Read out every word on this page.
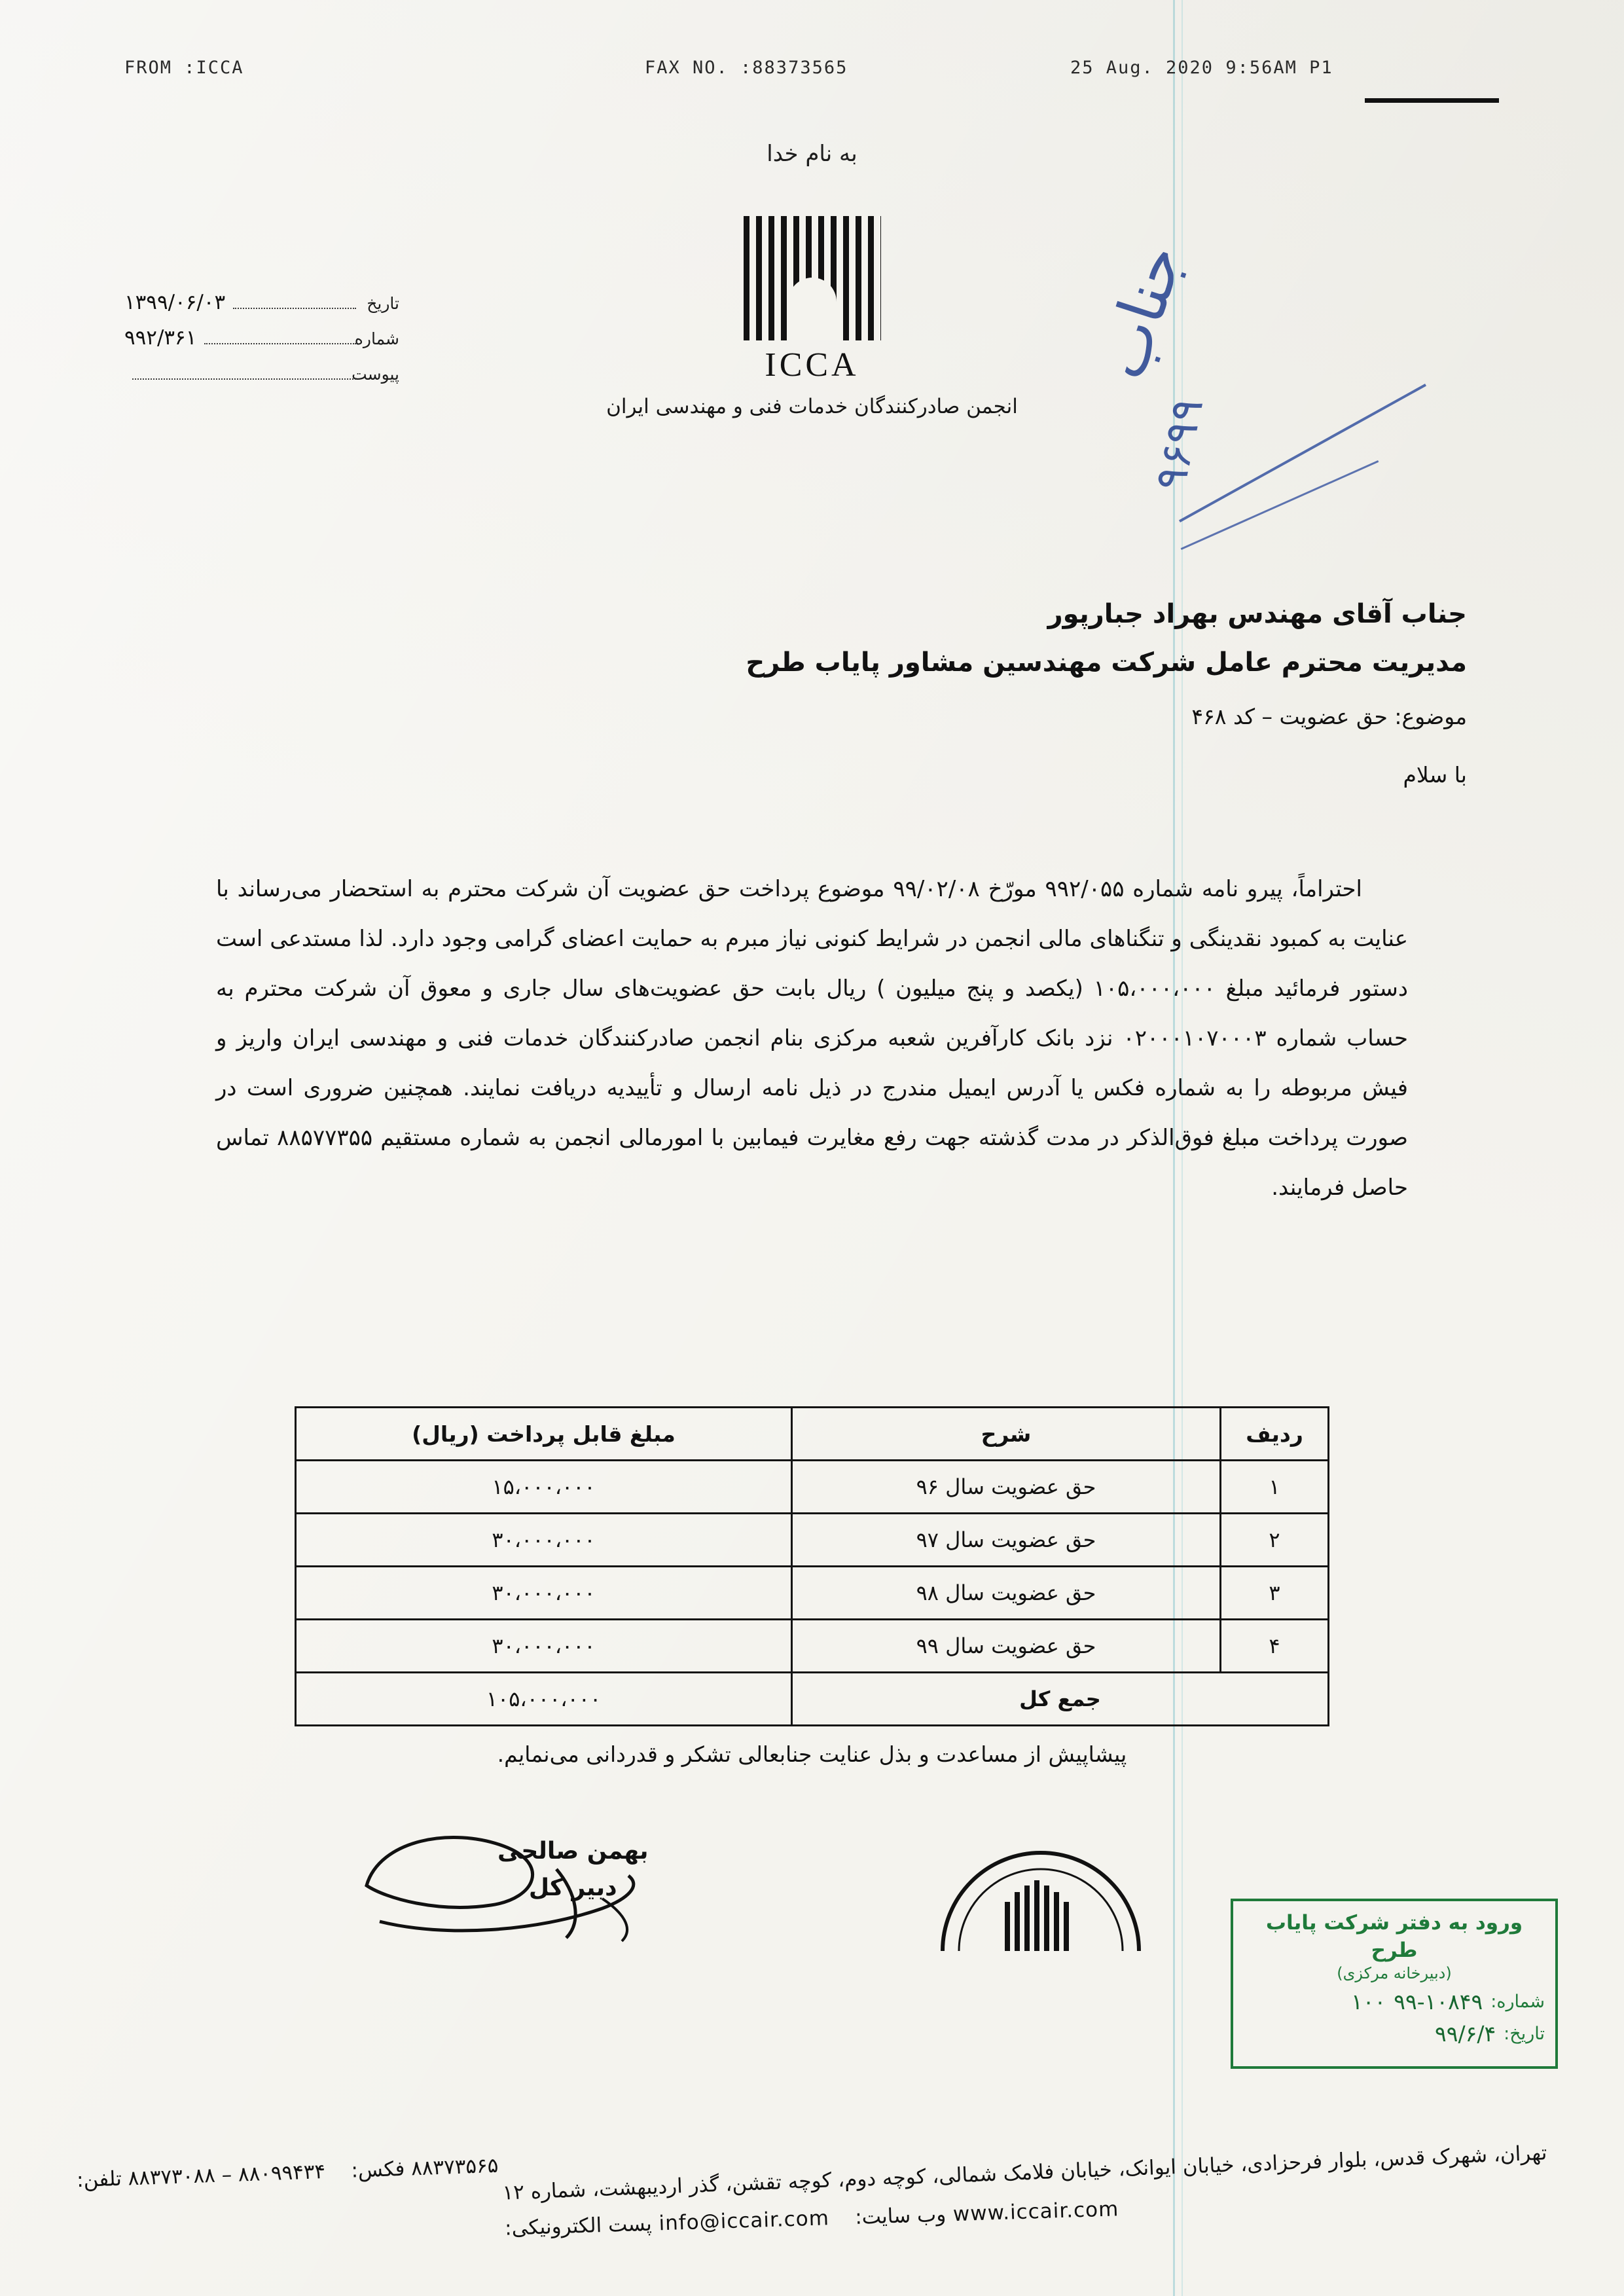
FROM :ICCA	FAX NO. :88373565	25 Aug. 2020 9:56AM P1
به نام خدا
ICCA
انجمن صادرکنندگان خدمات فنی و مهندسی ایران
تاریخ
۱۳۹۹/۰۶/۰۳
شماره
۹۹۲/۳۶۱
پیوست	جناب
۹۶۹۹
جناب آقای مهندس بهراد جبارپور
مدیریت محترم عامل شرکت مهندسین مشاور پایاب طرح
موضوع: حق عضویت – کد ۴۶۸
با سلام

احتراماً، پیرو نامه شماره ۹۹۲/۰۵۵ مورّخ ۹۹/۰۲/۰۸ موضوع پرداخت حق عضویت آن شرکت محترم به استحضار می‌رساند با عنایت به کمبود نقدینگی و تنگناهای مالی انجمن در شرایط کنونی نیاز مبرم به حمایت اعضای گرامی وجود دارد. لذا مستدعی است دستور فرمائید مبلغ ۱۰۵،۰۰۰،۰۰۰ (یکصد و پنج میلیون ) ریال بابت حق عضویت‌های سال جاری و معوق آن شرکت محترم به حساب شماره ۰۲۰۰۰۱۰۷۰۰۰۳ نزد بانک کارآفرین شعبه مرکزی بنام انجمن صادرکنندگان خدمات فنی و مهندسی ایران واریز و فیش مربوطه را به شماره فکس یا آدرس ایمیل مندرج در ذیل نامه ارسال و تأییدیه دریافت نمایند. همچنین ضروری است در صورت پرداخت مبلغ فوق‌الذکر در مدت گذشته جهت رفع مغایرت فیمابین با امورمالی انجمن به شماره مستقیم ۸۸۵۷۷۳۵۵ تماس حاصل فرمایند.

ردیف	شرح	مبلغ قابل پرداخت (ریال)
۱	حق عضویت سال ۹۶	۱۵،۰۰۰،۰۰۰
۲	حق عضویت سال ۹۷	۳۰،۰۰۰،۰۰۰
۳	حق عضویت سال ۹۸	۳۰،۰۰۰،۰۰۰
۴	حق عضویت سال ۹۹	۳۰،۰۰۰،۰۰۰
جمع کل		۱۰۵،۰۰۰،۰۰۰
پیشاپیش از مساعدت و بذل عنایت جنابعالی تشکر و قدردانی می‌نمایم.
بهمن صالحی
دبیر کل
ورود به دفتر شرکت پایاب طرح
(دبیرخانه مرکزی)
شماره:
۹۹-۱۰۸۴۹
۱۰۰
تاریخ:
۹۹/۶/۴
تهران، شهرک قدس، بلوار فرحزادی، خیابان ایوانک، خیابان فلامک شمالی، کوچه دوم، کوچه تقشن، گذر اردیبهشت، شماره ۱۲ ۸۸۳۷۳۵۶۵ فکس:    ۸۸۰۹۹۴۳۴ – ۸۸۳۷۳۰۸۸ تلفن: www.iccair.com وب سایت:    info@iccair.com پست الکترونیکی:
